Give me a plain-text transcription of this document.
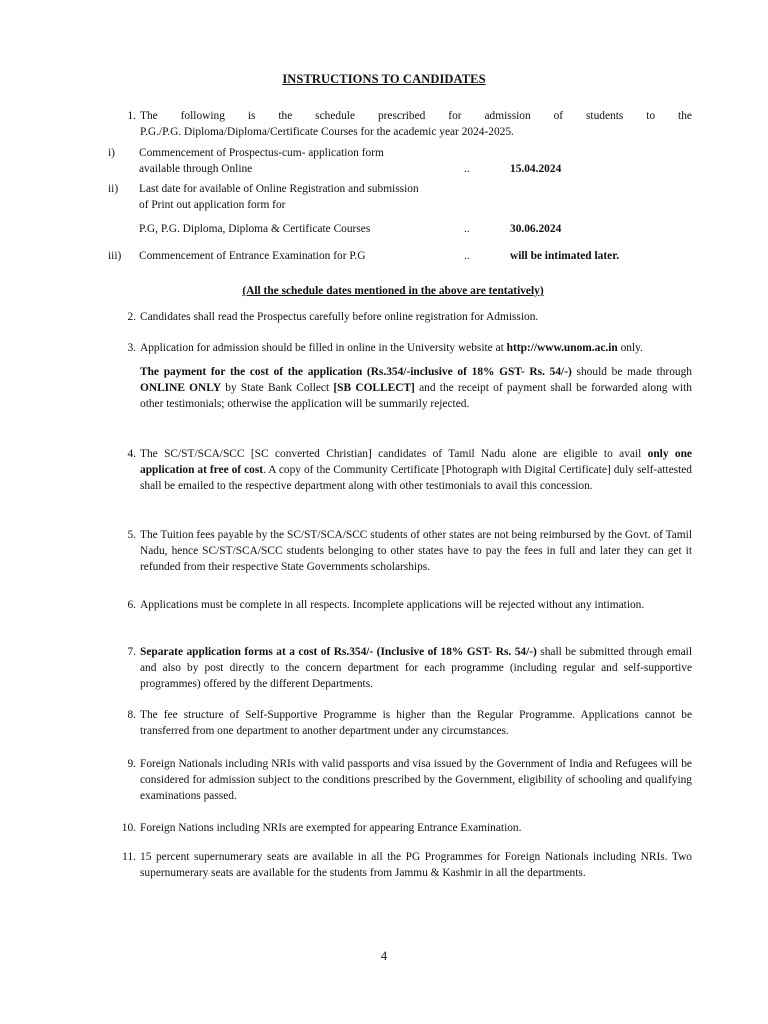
INSTRUCTIONS TO CANDIDATES
1. The following is the schedule prescribed for admission of students to the
P.G./P.G. Diploma/Diploma/Certificate Courses for the academic year 2024-2025.
i)	Commencement of Prospectus-cum- application form
available through Online	..	15.04.2024
ii)	Last date for available of Online Registration and submission
of Print out application form for
P.G, P.G. Diploma, Diploma & Certificate Courses	..	30.06.2024
iii)	Commencement of Entrance Examination for P.G	..	will be intimated later.
(All the schedule dates mentioned in the above are tentatively)
2. Candidates shall read the Prospectus carefully before online registration for Admission.
3. Application for admission should be filled in online in the University website at http://www.unom.ac.in only.
The payment for the cost of the application (Rs.354/-inclusive of 18% GST- Rs. 54/-) should be made through ONLINE ONLY by State Bank Collect [SB COLLECT] and the receipt of payment shall be forwarded along with other testimonials; otherwise the application will be summarily rejected.
4. The SC/ST/SCA/SCC [SC converted Christian] candidates of Tamil Nadu alone are eligible to avail only one application at free of cost. A copy of the Community Certificate [Photograph with Digital Certificate] duly self-attested shall be emailed to the respective department along with other testimonials to avail this concession.
5. The Tuition fees payable by the SC/ST/SCA/SCC students of other states are not being reimbursed by the Govt. of Tamil Nadu, hence SC/ST/SCA/SCC students belonging to other states have to pay the fees in full and later they can get it refunded from their respective State Governments scholarships.
6. Applications must be complete in all respects. Incomplete applications will be rejected without any intimation.
7. Separate application forms at a cost of Rs.354/- (Inclusive of 18% GST- Rs. 54/-) shall be submitted through email and also by post directly to the concern department for each programme (including regular and self-supportive programmes) offered by the different Departments.
8. The fee structure of Self-Supportive Programme is higher than the Regular Programme. Applications cannot be transferred from one department to another department under any circumstances.
9. Foreign Nationals including NRIs with valid passports and visa issued by the Government of India and Refugees will be considered for admission subject to the conditions prescribed by the Government, eligibility of schooling and qualifying examinations passed.
10. Foreign Nations including NRIs are exempted for appearing Entrance Examination.
11. 15 percent supernumerary seats are available in all the PG Programmes for Foreign Nationals including NRIs. Two supernumerary seats are available for the students from Jammu & Kashmir in all the departments.
4
